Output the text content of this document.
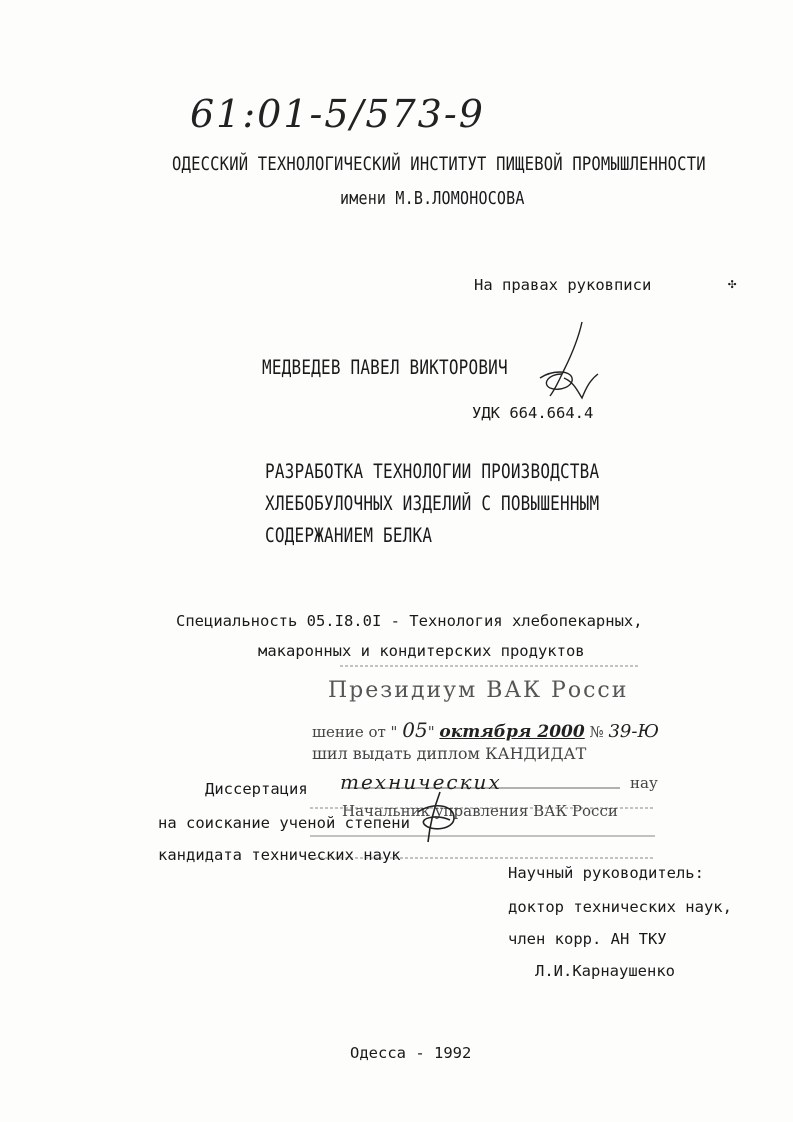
61:01-5/573-9
ОДЕССКИЙ ТЕХНОЛОГИЧЕСКИЙ ИНСТИТУТ ПИЩЕВОЙ ПРОМЫШЛЕННОСТИ
имени М.В.ЛОМОНОСОВА
На правах руковписи	✣
МЕДВЕДЕВ ПАВЕЛ ВИКТОРОВИЧ
УДК 664.664.4
РАЗРАБОТКА ТЕХНОЛОГИИ ПРОИЗВОДСТВА
ХЛЕБОБУЛОЧНЫХ ИЗДЕЛИЙ С ПОВЫШЕННЫМ
СОДЕРЖАНИЕМ БЕЛКА
Специальность 05.I8.0I - Технология хлебопекарных,
макаронных и кондитерских продуктов
Президиум ВАК Росси
шение от " 05" октября 2000 № 39-Ю
шил выдать диплом КАНДИДАТ
технических	нау
Начальник управления ВАК Росси
Диссертация
на соискание ученой степени
кандидата технических наук
Научный руководитель:
доктор технических наук,
член корр. АН ТКУ
Л.И.Карнаушенко
Одесса - 1992
